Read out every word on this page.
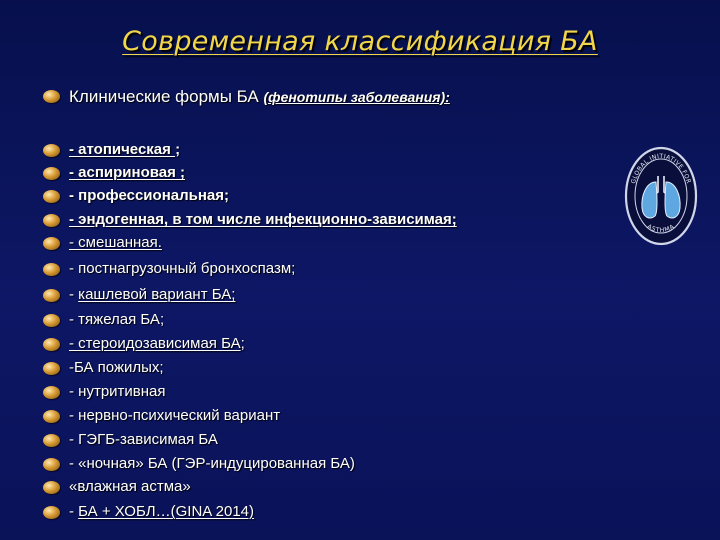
Современная классификация БА
Клинические формы БА (фенотипы заболевания):
- атопическая ;
- аспириновая ;
- профессиональная;
- эндогенная, в том числе инфекционно-зависимая;
- смешанная.
- постнагрузочный бронхоспазм;
- кашлевой вариант БА;
- тяжелая БА;
- стероидозависимая БА;
-БА пожилых;
- нутритивная
- нервно-психический вариант
- ГЭГБ-зависимая БА
- «ночная» БА (ГЭР-индуцированная БА)
«влажная астма»
- БА + ХОБЛ…(GINA 2014)
GLOBAL INITIATIVE FOR
ASTHMA
